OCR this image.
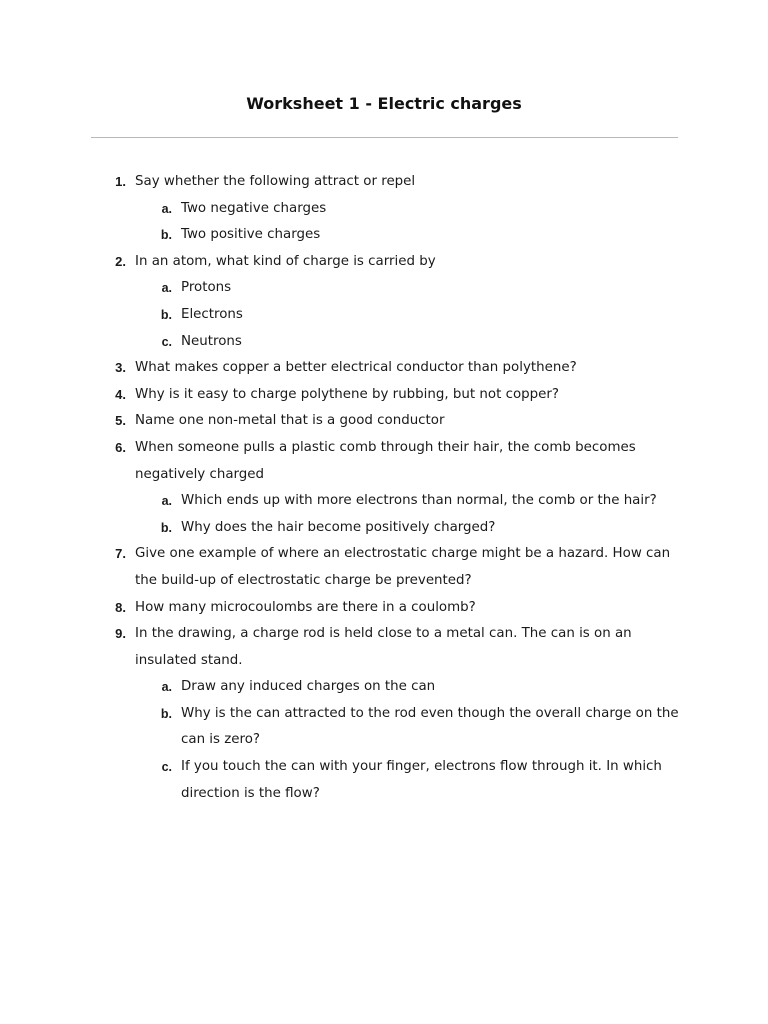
Worksheet 1 - Electric charges
1. Say whether the following attract or repel
a. Two negative charges
b. Two positive charges
2. In an atom, what kind of charge is carried by
a. Protons
b. Electrons
c. Neutrons
3. What makes copper a better electrical conductor than polythene?
4. Why is it easy to charge polythene by rubbing, but not copper?
5. Name one non-metal that is a good conductor
6. When someone pulls a plastic comb through their hair, the comb becomes
negatively charged
a. Which ends up with more electrons than normal, the comb or the hair?
b. Why does the hair become positively charged?
7. Give one example of where an electrostatic charge might be a hazard. How can
the build-up of electrostatic charge be prevented?
8. How many microcoulombs are there in a coulomb?
9. In the drawing, a charge rod is held close to a metal can. The can is on an
insulated stand.
a. Draw any induced charges on the can
b. Why is the can attracted to the rod even though the overall charge on the
can is zero?
c. If you touch the can with your finger, electrons flow through it. In which
direction is the flow?
